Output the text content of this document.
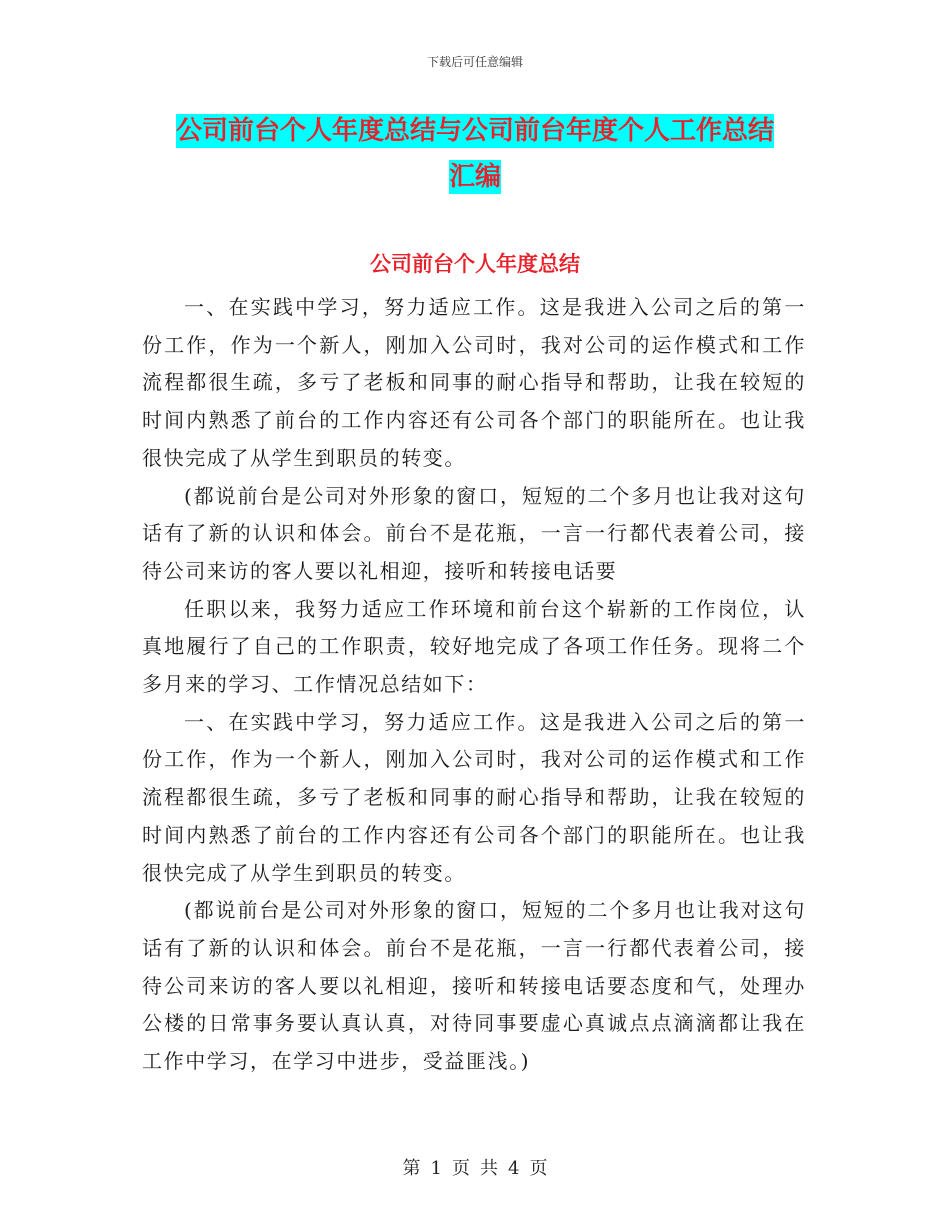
下载后可任意编辑
公司前台个人年度总结与公司前台年度个人工作总结
汇编
公司前台个人年度总结

一、在实践中学习，努力适应工作。这是我进入公司之后的第一份工作，作为一个新人，刚加入公司时，我对公司的运作模式和工作流程都很生疏，多亏了老板和同事的耐心指导和帮助，让我在较短的时间内熟悉了前台的工作内容还有公司各个部门的职能所在。也让我很快完成了从学生到职员的转变。

(都说前台是公司对外形象的窗口，短短的二个多月也让我对这句话有了新的认识和体会。前台不是花瓶，一言一行都代表着公司，接待公司来访的客人要以礼相迎，接听和转接电话要

任职以来，我努力适应工作环境和前台这个崭新的工作岗位，认真地履行了自己的工作职责，较好地完成了各项工作任务。现将二个多月来的学习、工作情况总结如下：

一、在实践中学习，努力适应工作。这是我进入公司之后的第一份工作，作为一个新人，刚加入公司时，我对公司的运作模式和工作流程都很生疏，多亏了老板和同事的耐心指导和帮助，让我在较短的时间内熟悉了前台的工作内容还有公司各个部门的职能所在。也让我很快完成了从学生到职员的转变。

(都说前台是公司对外形象的窗口，短短的二个多月也让我对这句话有了新的认识和体会。前台不是花瓶，一言一行都代表着公司，接待公司来访的客人要以礼相迎，接听和转接电话要态度和气，处理办公楼的日常事务要认真认真，对待同事要虚心真诚点点滴滴都让我在工作中学习，在学习中进步，受益匪浅。)

第 1 页 共 4 页
